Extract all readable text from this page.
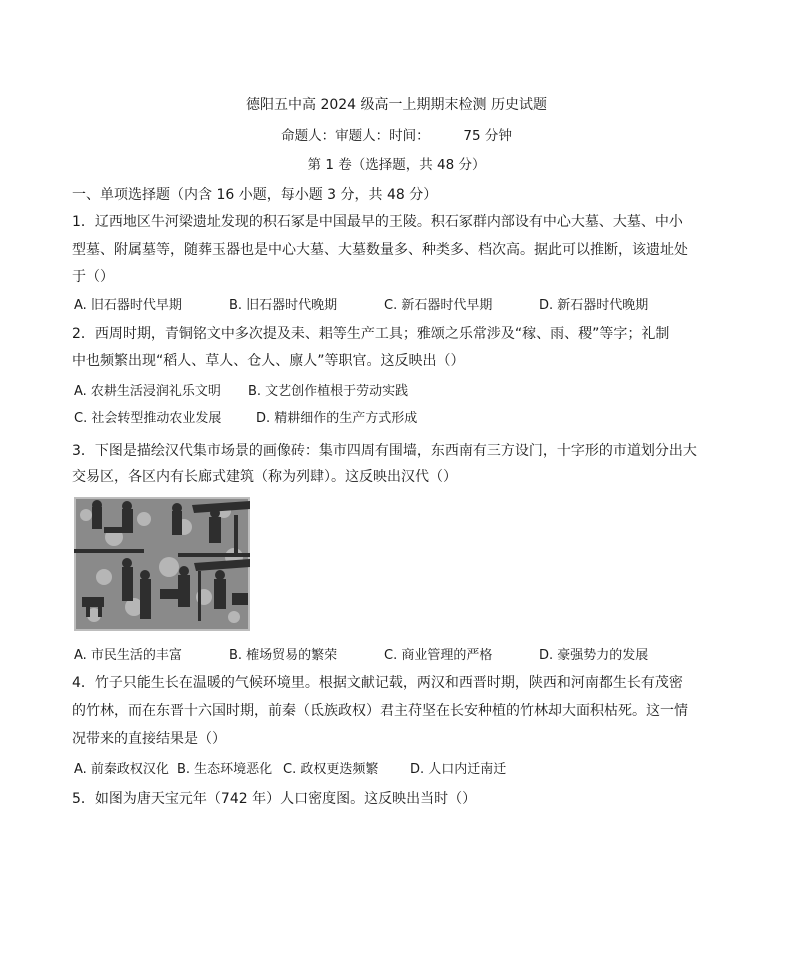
德阳五中高 2024 级高一上期期末检测 历史试题
命题人：审题人：时间：　　　75 分钟
第 1 卷（选择题，共 48 分）
一、单项选择题（内含 16 小题，每小题 3 分，共 48 分）
1．辽西地区牛河梁遗址发现的积石冢是中国最早的王陵。积石冢群内部设有中心大墓、大墓、中小
型墓、附属墓等，随葬玉器也是中心大墓、大墓数量多、种类多、档次高。据此可以推断，该遗址处
于（）
A. 旧石器时代早期	B. 旧石器时代晚期	C. 新石器时代早期	D. 新石器时代晚期
2．西周时期，青铜铭文中多次提及耒、耜等生产工具；雅颂之乐常涉及“稼、雨、稷”等字；礼制
中也频繁出现“稻人、草人、仓人、廪人”等职官。这反映出（）
A. 农耕生活浸润礼乐文明 B. 文艺创作植根于劳动实践
C. 社会转型推动农业发展	D. 精耕细作的生产方式形成
3．下图是描绘汉代集市场景的画像砖：集市四周有围墙，东西南有三方设门，十字形的市道划分出大
交易区，各区内有长廊式建筑（称为列肆）。这反映出汉代（）
A. 市民生活的丰富	B. 榷场贸易的繁荣	C. 商业管理的严格	D. 豪强势力的发展
4．竹子只能生长在温暖的气候环境里。根据文献记载，两汉和西晋时期，陕西和河南都生长有茂密
的竹林，而在东晋十六国时期，前秦（氐族政权）君主苻坚在长安种植的竹林却大面积枯死。这一情
况带来的直接结果是（）
A. 前秦政权汉化 B. 生态环境恶化 C. 政权更迭频繁 D. 人口内迁南迁
5．如图为唐天宝元年（742 年）人口密度图。这反映出当时（）
